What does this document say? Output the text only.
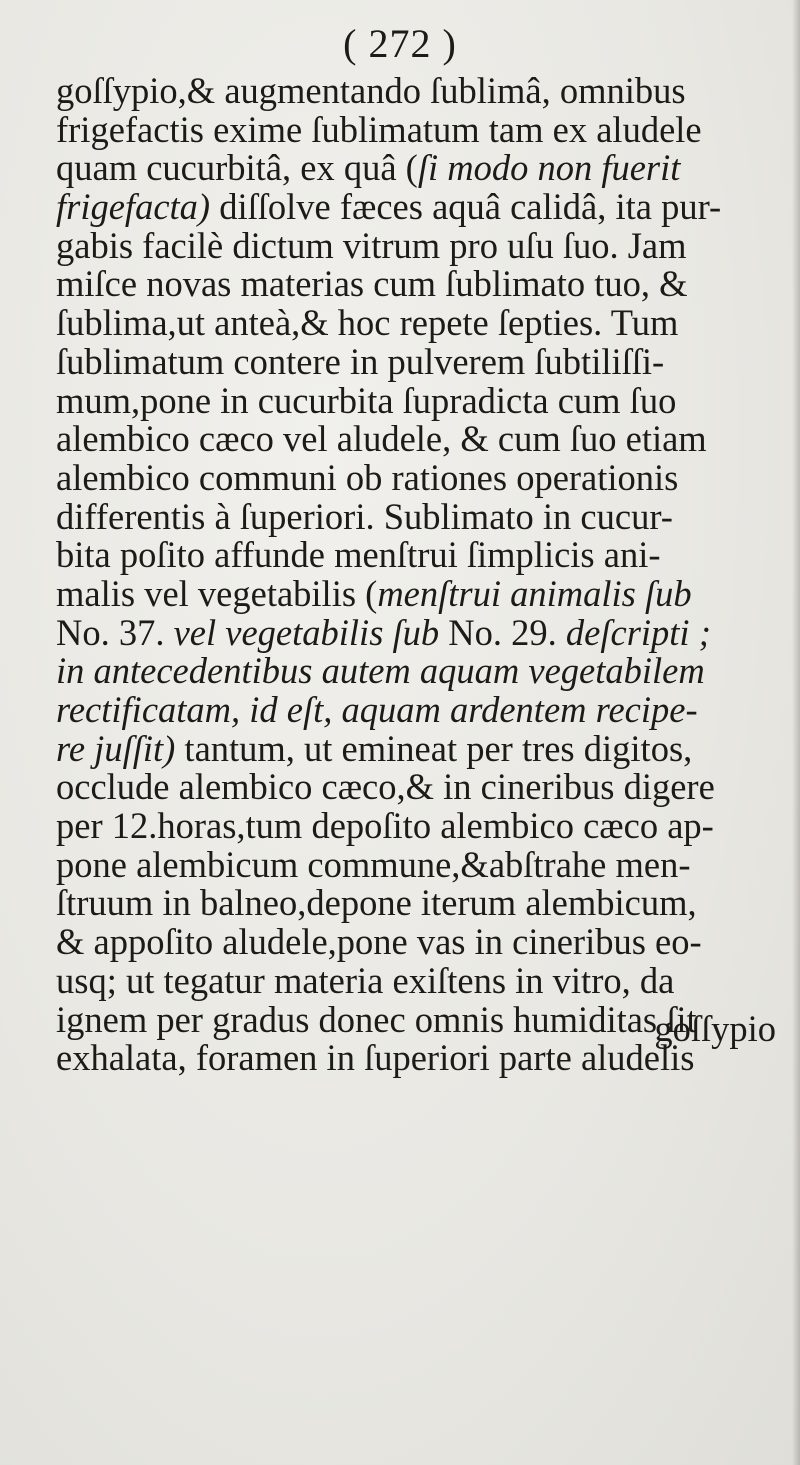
( 272 )
goſſypio,& augmentando ſublimâ, omnibus
frigefactis exime ſublimatum tam ex aludele
quam cucurbitâ, ex quâ (ſi modo non fuerit
frigefacta) diſſolve fæces aquâ calidâ, ita pur-
gabis facilè dictum vitrum pro uſu ſuo. Jam
miſce novas materias cum ſublimato tuo, &
ſublima,ut anteà,& hoc repete ſepties. Tum
ſublimatum contere in pulverem ſubtiliſſi-
mum,pone in cucurbita ſupradicta cum ſuo
alembico cæco vel aludele, & cum ſuo etiam
alembico communi ob rationes operationis
differentis à ſuperiori. Sublimato in cucur-
bita poſito affunde menſtrui ſimplicis ani-
malis vel vegetabilis (menſtrui animalis ſub
No. 37. vel vegetabilis ſub No. 29. deſcripti ;
in antecedentibus autem aquam vegetabilem
rectificatam, id eſt, aquam ardentem recipe-
re juſſit) tantum, ut emineat per tres digitos,
occlude alembico cæco,& in cineribus digere
per 12.horas,tum depoſito alembico cæco ap-
pone alembicum commune,&abſtrahe men-
ſtruum in balneo,depone iterum alembicum,
& appoſito aludele,pone vas in cineribus eo-
usq; ut tegatur materia exiſtens in vitro, da
ignem per gradus donec omnis humiditas ſit
exhalata, foramen in ſuperiori parte aludelis
goſſypio
